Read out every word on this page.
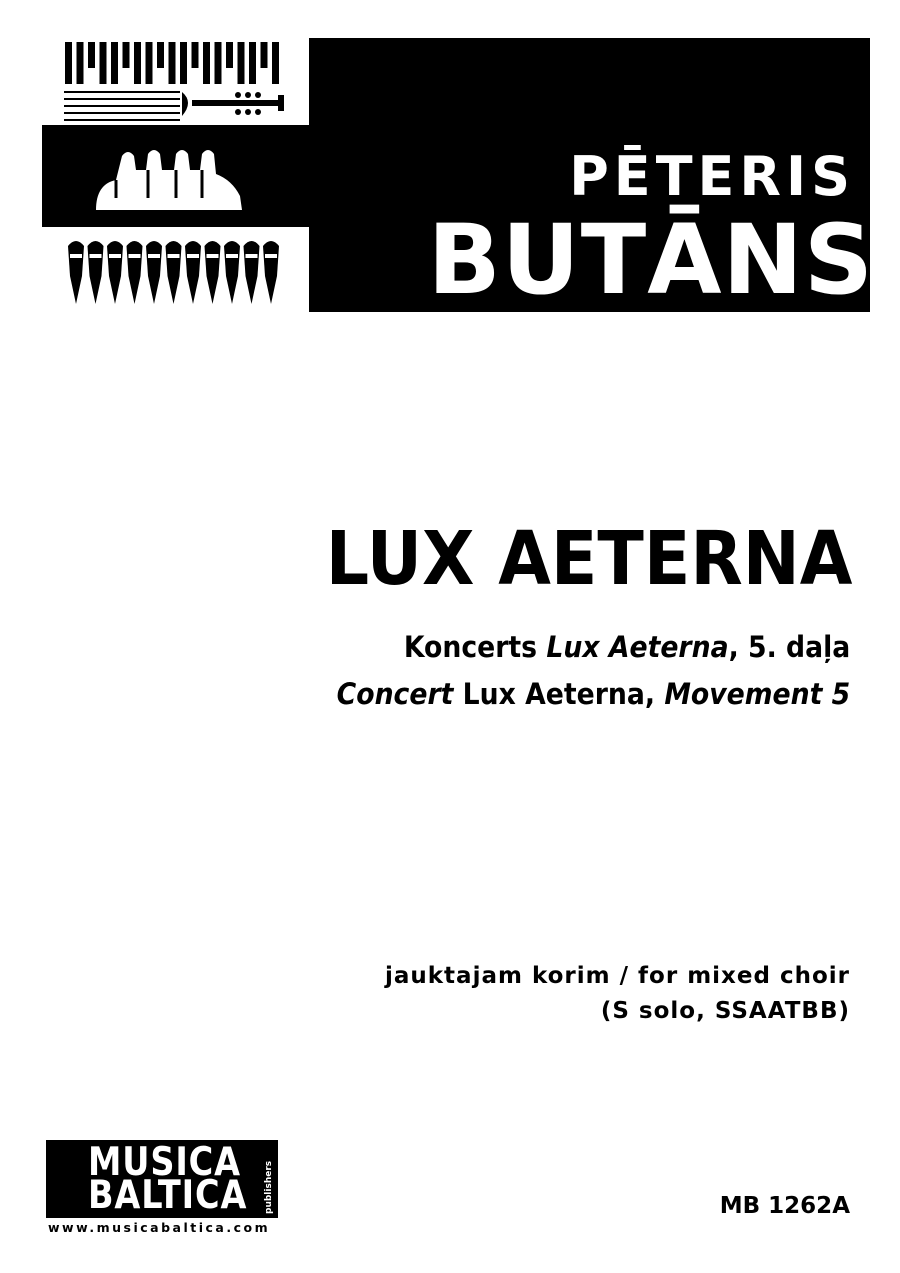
PĒTERIS
BUTĀNS
LUX AETERNA
Koncerts Lux Aeterna, 5. daļa
Concert Lux Aeterna, Movement 5
jauktajam korim / for mixed choir
(S solo, SSAATBB)
MUSICA
BALTICA publishers
www.musicabaltica.com
MB 1262A
